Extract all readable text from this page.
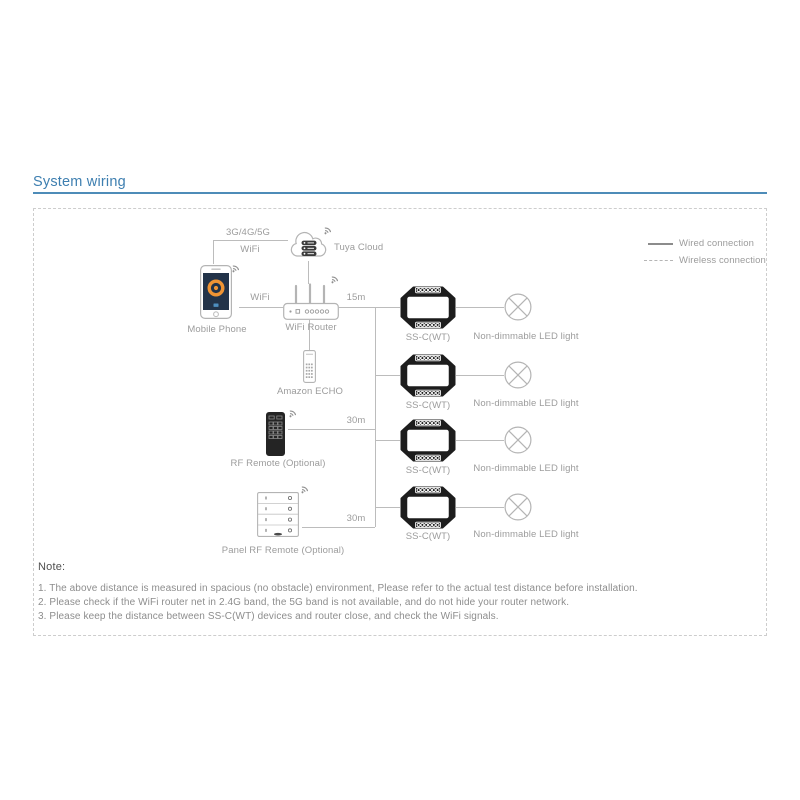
System wiring
Wired connection
Wireless connection
3G/4G/5G
WiFi
WiFi	15m
30m
30m
Tuya Cloud
Mobile Phone	WiFi Router
Amazon ECHO
RF Remote (Optional)
Panel RF Remote (Optional)
SS-C(WT) Non-dimmable LED light
SS-C(WT) Non-dimmable LED light
SS-C(WT) Non-dimmable LED light
SS-C(WT) Non-dimmable LED light
Note:
1. The above distance is measured in spacious (no obstacle) environment, Please refer to the actual test distance before installation.
2. Please check if the WiFi router net in 2.4G band, the 5G band is not available, and do not hide your router network.
3. Please keep the distance between SS-C(WT) devices and router close, and check the WiFi signals.
